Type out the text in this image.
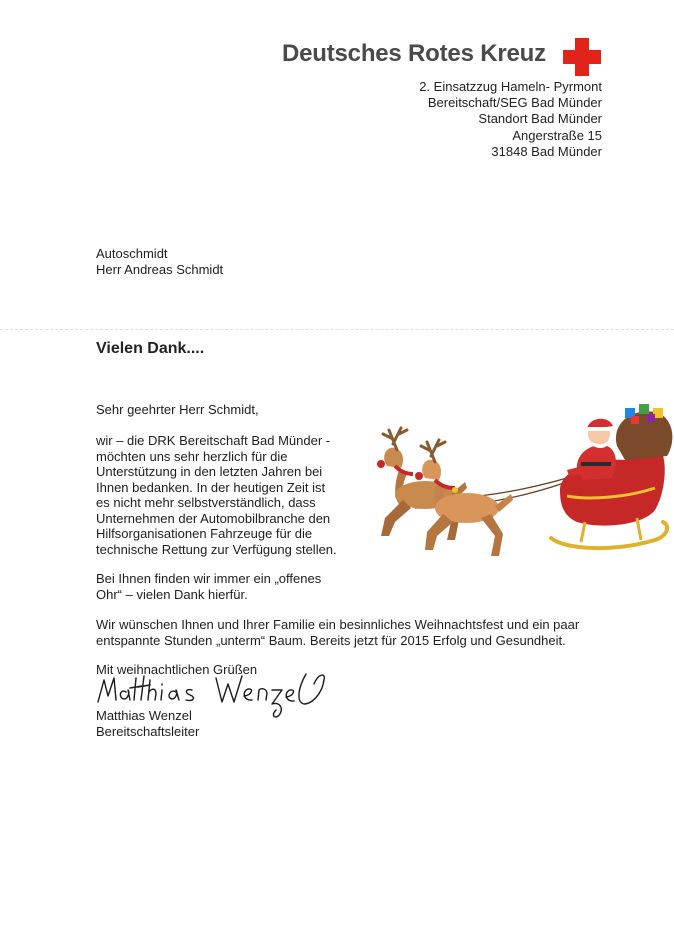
Deutsches Rotes Kreuz
2. Einsatzzug Hameln- Pyrmont
Bereitschaft/SEG Bad Münder
Standort Bad Münder
Angerstraße 15
31848 Bad Münder
Autoschmidt
Herr Andreas Schmidt
Vielen Dank....
Sehr geehrter Herr Schmidt,
wir – die DRK Bereitschaft Bad Münder -
möchten uns sehr herzlich für die
Unterstützung in den letzten Jahren bei
Ihnen bedanken. In der heutigen Zeit ist
es nicht mehr selbstverständlich, dass
Unternehmen der Automobilbranche den
Hilfsorganisationen Fahrzeuge für die
technische Rettung zur Verfügung stellen.
Bei Ihnen finden wir immer ein „offenes
Ohr“ – vielen Dank hierfür.
Wir wünschen Ihnen und Ihrer Familie ein besinnliches Weihnachtsfest und ein paar
entspannte Stunden „unterm“ Baum. Bereits jetzt für 2015 Erfolg und Gesundheit.
Mit weihnachtlichen Grüßen
Matthias Wenzel
Bereitschaftsleiter
